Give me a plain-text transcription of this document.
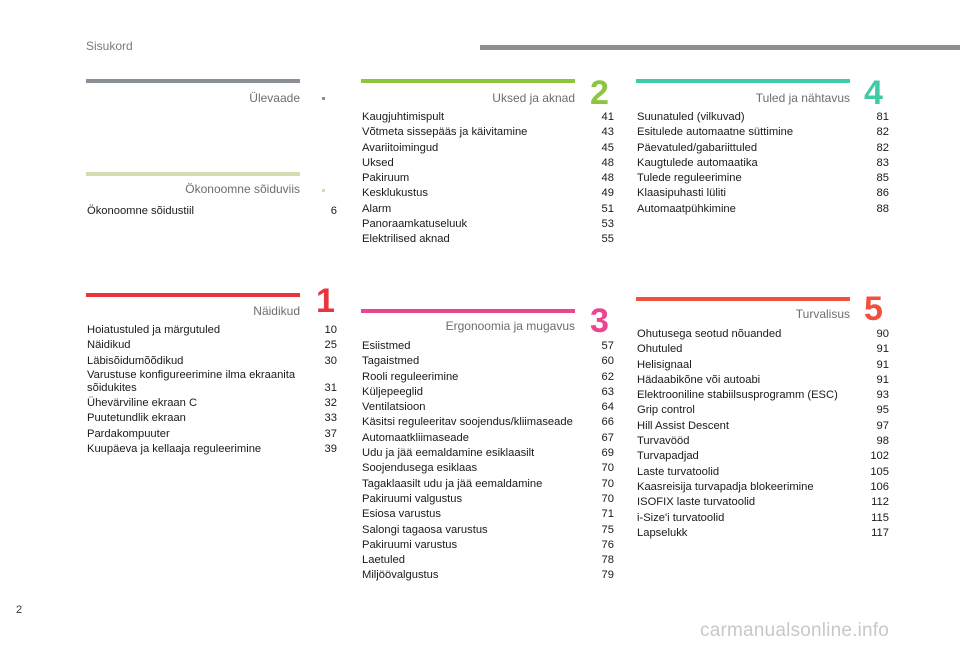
Sisukord
Ülevaade
Ökonoomne sõiduviis
Ökonoomne sõidustiil	6
Näidikud 1
Hoiatustuled ja märgutuled	10
Näidikud	25
Läbisõidumõõdikud	30
Varustuse konfigureerimine ilma ekraanita sõidukites	31
Ühevärviline ekraan C	32
Puutetundlik ekraan	33
Pardakompuuter	37
Kuupäeva ja kellaaja reguleerimine	39
Uksed ja aknad 2
Kaugjuhtimispult	41
Võtmeta sissepääs ja käivitamine	43
Avariitoimingud	45
Uksed	48
Pakiruum	48
Kesklukustus	49
Alarm	51
Panoraamkatuseluuk	53
Elektrilised aknad	55
Ergonoomia ja mugavus 3
Esiistmed	57
Tagaistmed	60
Rooli reguleerimine	62
Küljepeeglid	63
Ventilatsioon	64
Käsitsi reguleeritav soojendus/kliimaseade	66
Automaatkliimaseade	67
Udu ja jää eemaldamine esiklaasilt	69
Soojendusega esiklaas	70
Tagaklaasilt udu ja jää eemaldamine	70
Pakiruumi valgustus	70
Esiosa varustus	71
Salongi tagaosa varustus	75
Pakiruumi varustus	76
Laetuled	78
Miljöövalgustus	79
Tuled ja nähtavus 4
Suunatuled (vilkuvad)	81
Esitulede automaatne süttimine	82
Päevatuled/gabariittuled	82
Kaugtulede automaatika	83
Tulede reguleerimine	85
Klaasipuhasti lüliti	86
Automaatpühkimine	88
Turvalisus 5
Ohutusega seotud nõuanded	90
Ohutuled	91
Helisignaal	91
Hädaabikõne või autoabi	91
Elektrooniline stabiilsusprogramm (ESC)	93
Grip control	95
Hill Assist Descent	97
Turvavööd	98
Turvapadjad	102
Laste turvatoolid	105
Kaasreisija turvapadja blokeerimine	106
ISOFIX laste turvatoolid	112
i-Size'i turvatoolid	115
Lapselukk	117
2
carmanualsonline.info
